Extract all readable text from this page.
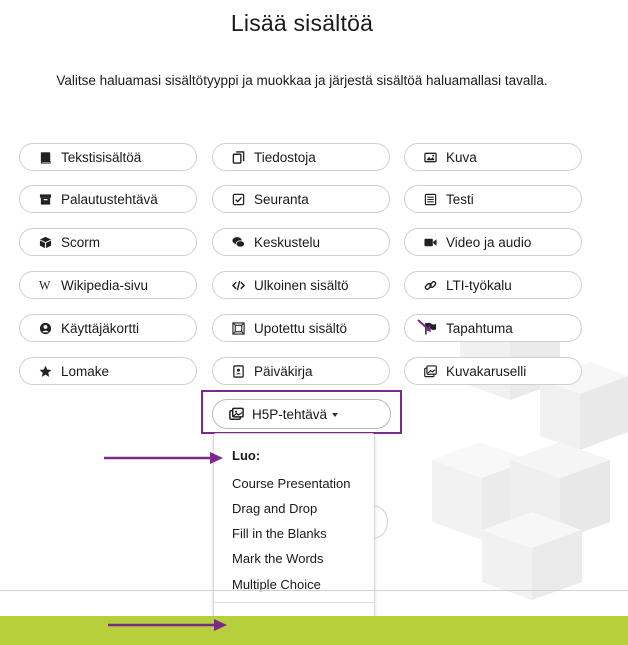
Lisää sisältöä
Valitse haluamasi sisältötyyppi ja muokkaa ja järjestä sisältöä haluamallasi tavalla.
Tekstisisältöä	Tiedostoja	Kuva
Palautustehtävä	Seuranta	Testi
Scorm	Keskustelu	Video ja audio
W Wikipedia-sivu	Ulkoinen sisältö	LTI-työkalu
Käyttäjäkortti	Upotettu sisältö	Tapahtuma
Lomake	Päiväkirja	Kuvakaruselli
H5P-tehtävä
Luo:
Course Presentation
Drag and Drop
Fill in the Blanks
Mark the Words
Multiple Choice
